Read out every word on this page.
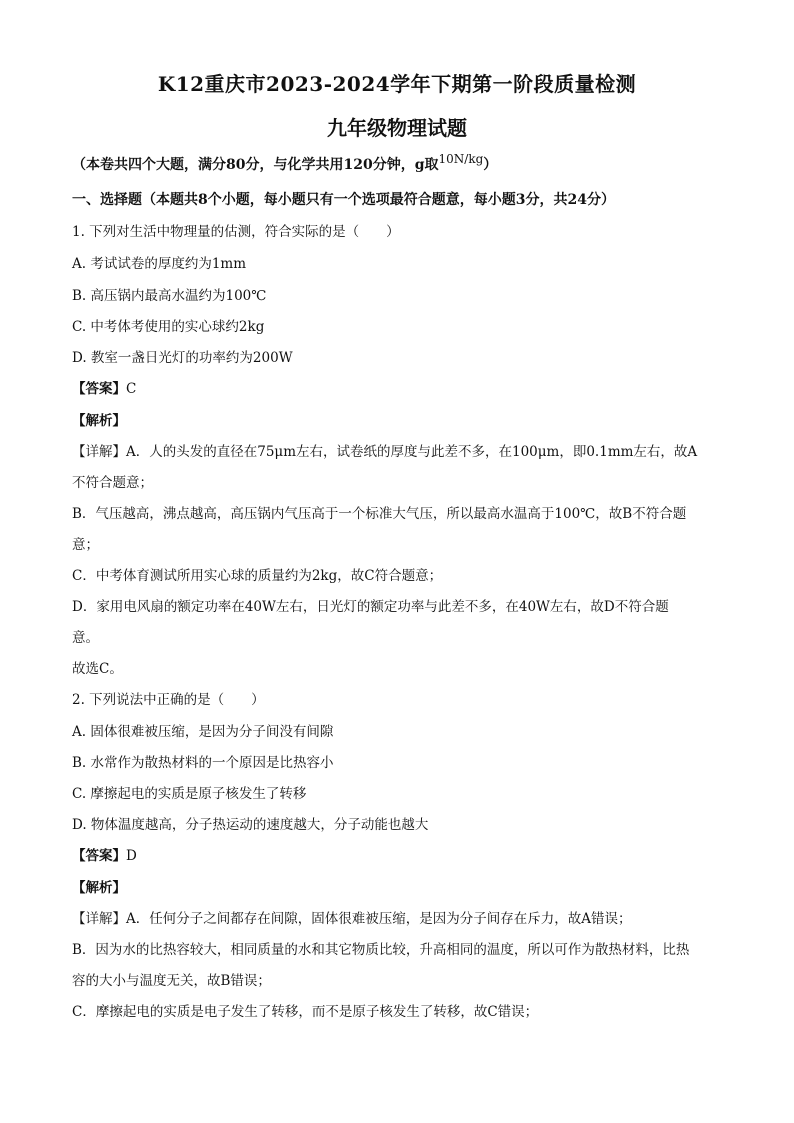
K12重庆市2023-2024学年下期第一阶段质量检测
九年级物理试题
（本卷共四个大题，满分80分，与化学共用120分钟，g取$^{10N/kg}$）
一、选择题（本题共8个小题，每小题只有一个选项最符合题意，每小题3分，共24分）
1. 下列对生活中物理量的估测，符合实际的是（　　）
A. 考试试卷的厚度约为1mm
B. 高压锅内最高水温约为100℃
C. 中考体考使用的实心球约2kg
D. 教室一盏日光灯的功率约为200W
【答案】C
【解析】
【详解】A．人的头发的直径在75μm左右，试卷纸的厚度与此差不多，在100μm，即0.1mm左右，故A
不符合题意；
B．气压越高，沸点越高，高压锅内气压高于一个标准大气压，所以最高水温高于100℃，故B不符合题
意；
C．中考体育测试所用实心球的质量约为2kg，故C符合题意；
D．家用电风扇的额定功率在40W左右，日光灯的额定功率与此差不多，在40W左右，故D不符合题
意。
故选C。
2. 下列说法中正确的是（　　）
A. 固体很难被压缩，是因为分子间没有间隙
B. 水常作为散热材料的一个原因是比热容小
C. 摩擦起电的实质是原子核发生了转移
D. 物体温度越高，分子热运动的速度越大，分子动能也越大
【答案】D
【解析】
【详解】A．任何分子之间都存在间隙，固体很难被压缩，是因为分子间存在斥力，故A错误；
B．因为水的比热容较大，相同质量的水和其它物质比较，升高相同的温度，所以可作为散热材料，比热
容的大小与温度无关，故B错误；
C．摩擦起电的实质是电子发生了转移，而不是原子核发生了转移，故C错误；
